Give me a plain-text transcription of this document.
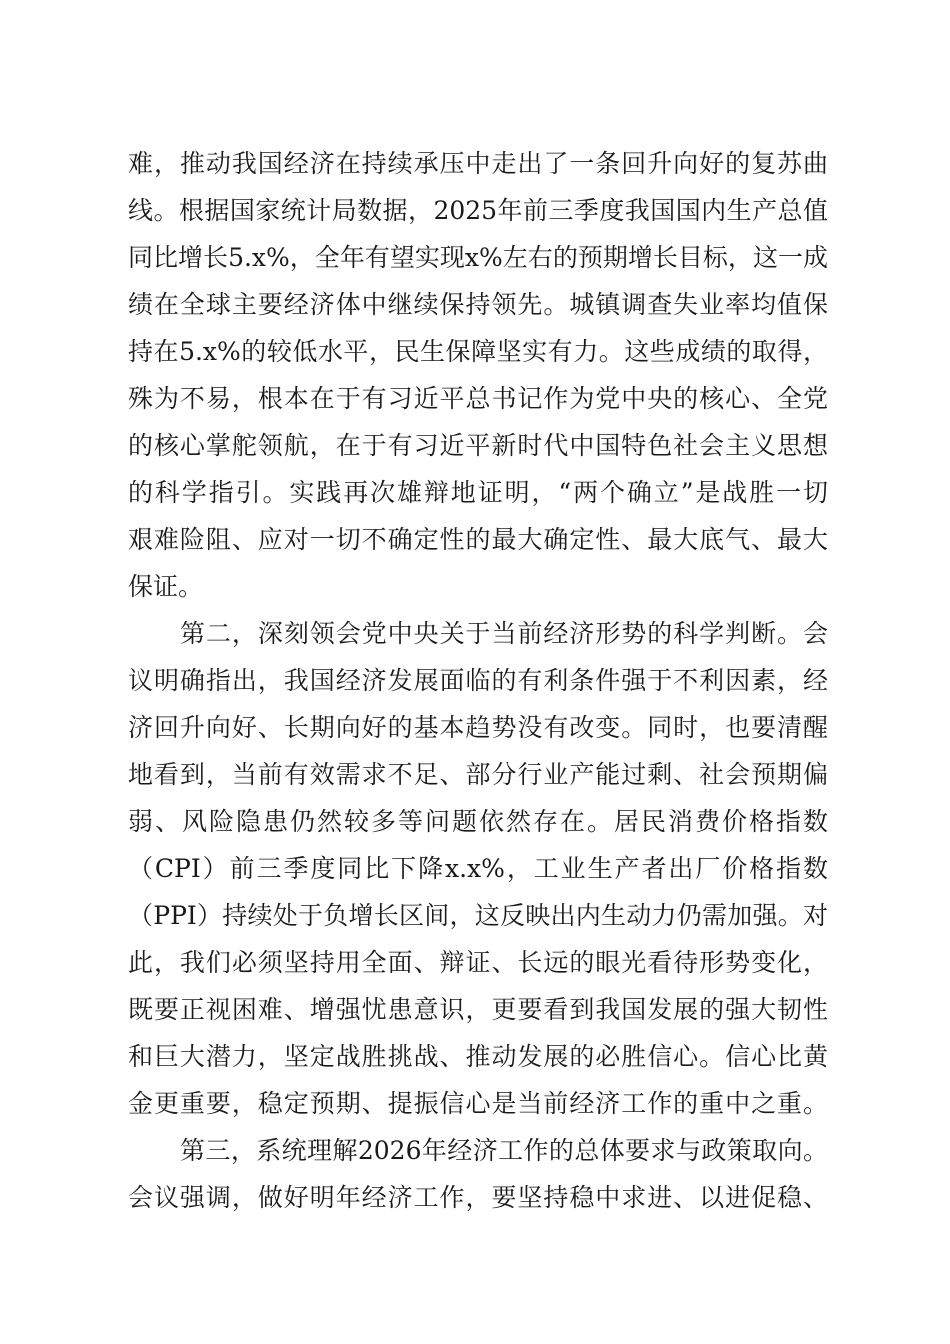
难，推动我国经济在持续承压中走出了一条回升向好的复苏曲
线。根据国家统计局数据，2025年前三季度我国国内生产总值
同比增长5.x%，全年有望实现x%左右的预期增长目标，这一成
绩在全球主要经济体中继续保持领先。城镇调查失业率均值保
持在5.x%的较低水平，民生保障坚实有力。这些成绩的取得，
殊为不易，根本在于有习近平总书记作为党中央的核心、全党
的核心掌舵领航，在于有习近平新时代中国特色社会主义思想
的科学指引。实践再次雄辩地证明，“两个确立”是战胜一切
艰难险阻、应对一切不确定性的最大确定性、最大底气、最大
保证。
第二，深刻领会党中央关于当前经济形势的科学判断。会
议明确指出，我国经济发展面临的有利条件强于不利因素，经
济回升向好、长期向好的基本趋势没有改变。同时，也要清醒
地看到，当前有效需求不足、部分行业产能过剩、社会预期偏
弱、风险隐患仍然较多等问题依然存在。居民消费价格指数
（CPI）前三季度同比下降x.x%，工业生产者出厂价格指数
（PPI）持续处于负增长区间，这反映出内生动力仍需加强。对
此，我们必须坚持用全面、辩证、长远的眼光看待形势变化，
既要正视困难、增强忧患意识，更要看到我国发展的强大韧性
和巨大潜力，坚定战胜挑战、推动发展的必胜信心。信心比黄
金更重要，稳定预期、提振信心是当前经济工作的重中之重。
第三，系统理解2026年经济工作的总体要求与政策取向。
会议强调，做好明年经济工作，要坚持稳中求进、以进促稳、
